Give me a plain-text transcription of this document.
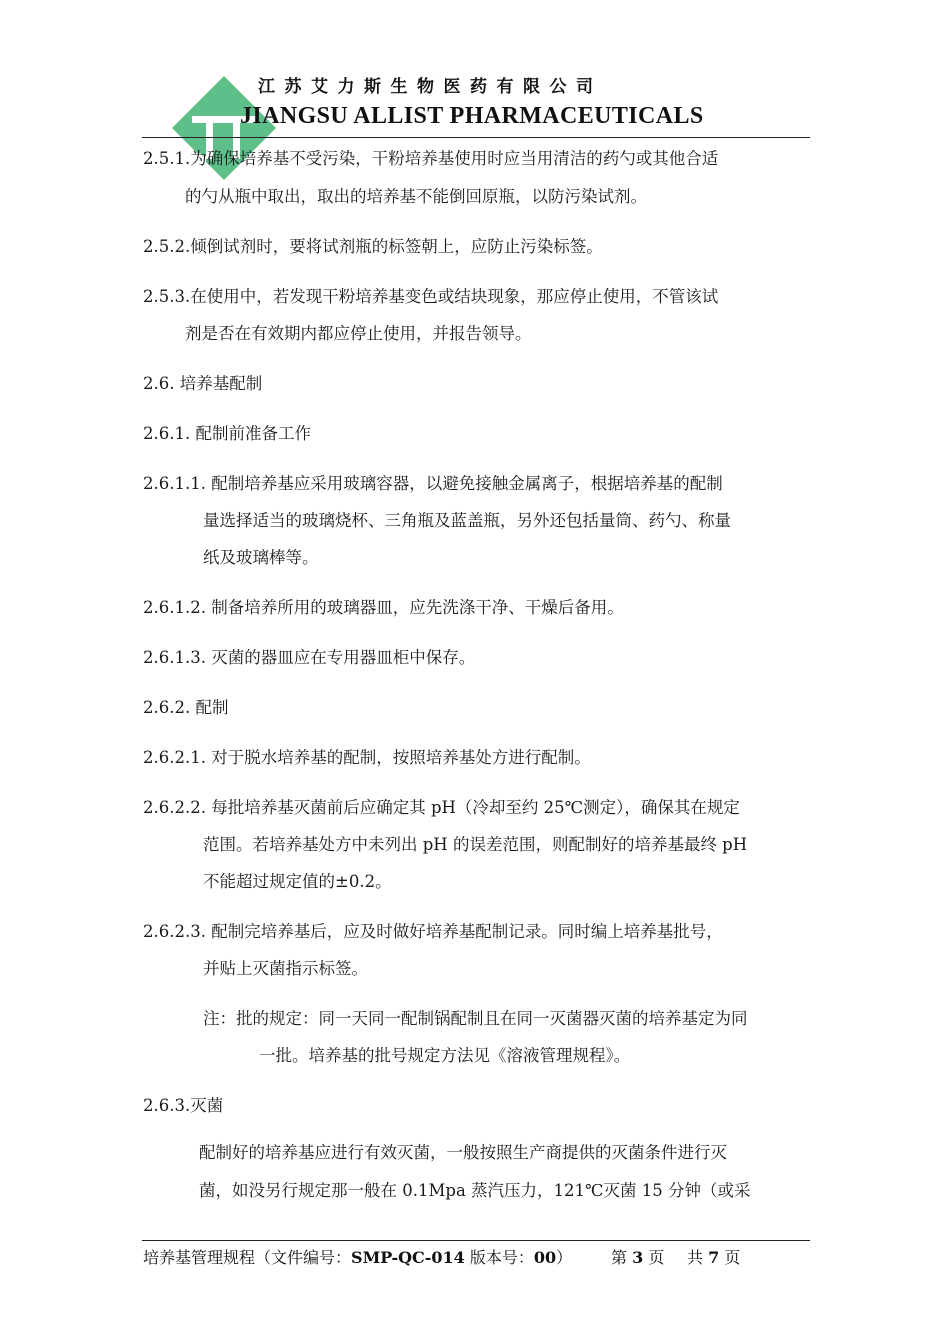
江苏艾力斯生物医药有限公司
JIANGSU ALLIST PHARMACEUTICALS
2.5.1.为确保培养基不受污染，干粉培养基使用时应当用清洁的药勺或其他合适
的勺从瓶中取出，取出的培养基不能倒回原瓶，以防污染试剂。
2.5.2.倾倒试剂时，要将试剂瓶的标签朝上，应防止污染标签。
2.5.3.在使用中，若发现干粉培养基变色或结块现象，那应停止使用，不管该试
剂是否在有效期内都应停止使用，并报告领导。
2.6. 培养基配制
2.6.1. 配制前准备工作
2.6.1.1. 配制培养基应采用玻璃容器，以避免接触金属离子，根据培养基的配制
量选择适当的玻璃烧杯、三角瓶及蓝盖瓶，另外还包括量筒、药勺、称量
纸及玻璃棒等。
2.6.1.2. 制备培养所用的玻璃器皿，应先洗涤干净、干燥后备用。
2.6.1.3. 灭菌的器皿应在专用器皿柜中保存。
2.6.2. 配制
2.6.2.1. 对于脱水培养基的配制，按照培养基处方进行配制。
2.6.2.2. 每批培养基灭菌前后应确定其 pH（冷却至约 25℃测定），确保其在规定
范围。若培养基处方中未列出 pH 的误差范围，则配制好的培养基最终 pH
不能超过规定值的±0.2。
2.6.2.3. 配制完培养基后，应及时做好培养基配制记录。同时编上培养基批号，
并贴上灭菌指示标签。
注：批的规定：同一天同一配制锅配制且在同一灭菌器灭菌的培养基定为同
一批。培养基的批号规定方法见《溶液管理规程》。
2.6.3.灭菌
配制好的培养基应进行有效灭菌，一般按照生产商提供的灭菌条件进行灭
菌，如没另行规定那一般在 0.1Mpa 蒸汽压力，121℃灭菌 15 分钟（或采
培养基管理规程（文件编号：SMP-QC-014 版本号：00） 第 3 页 共 7 页
